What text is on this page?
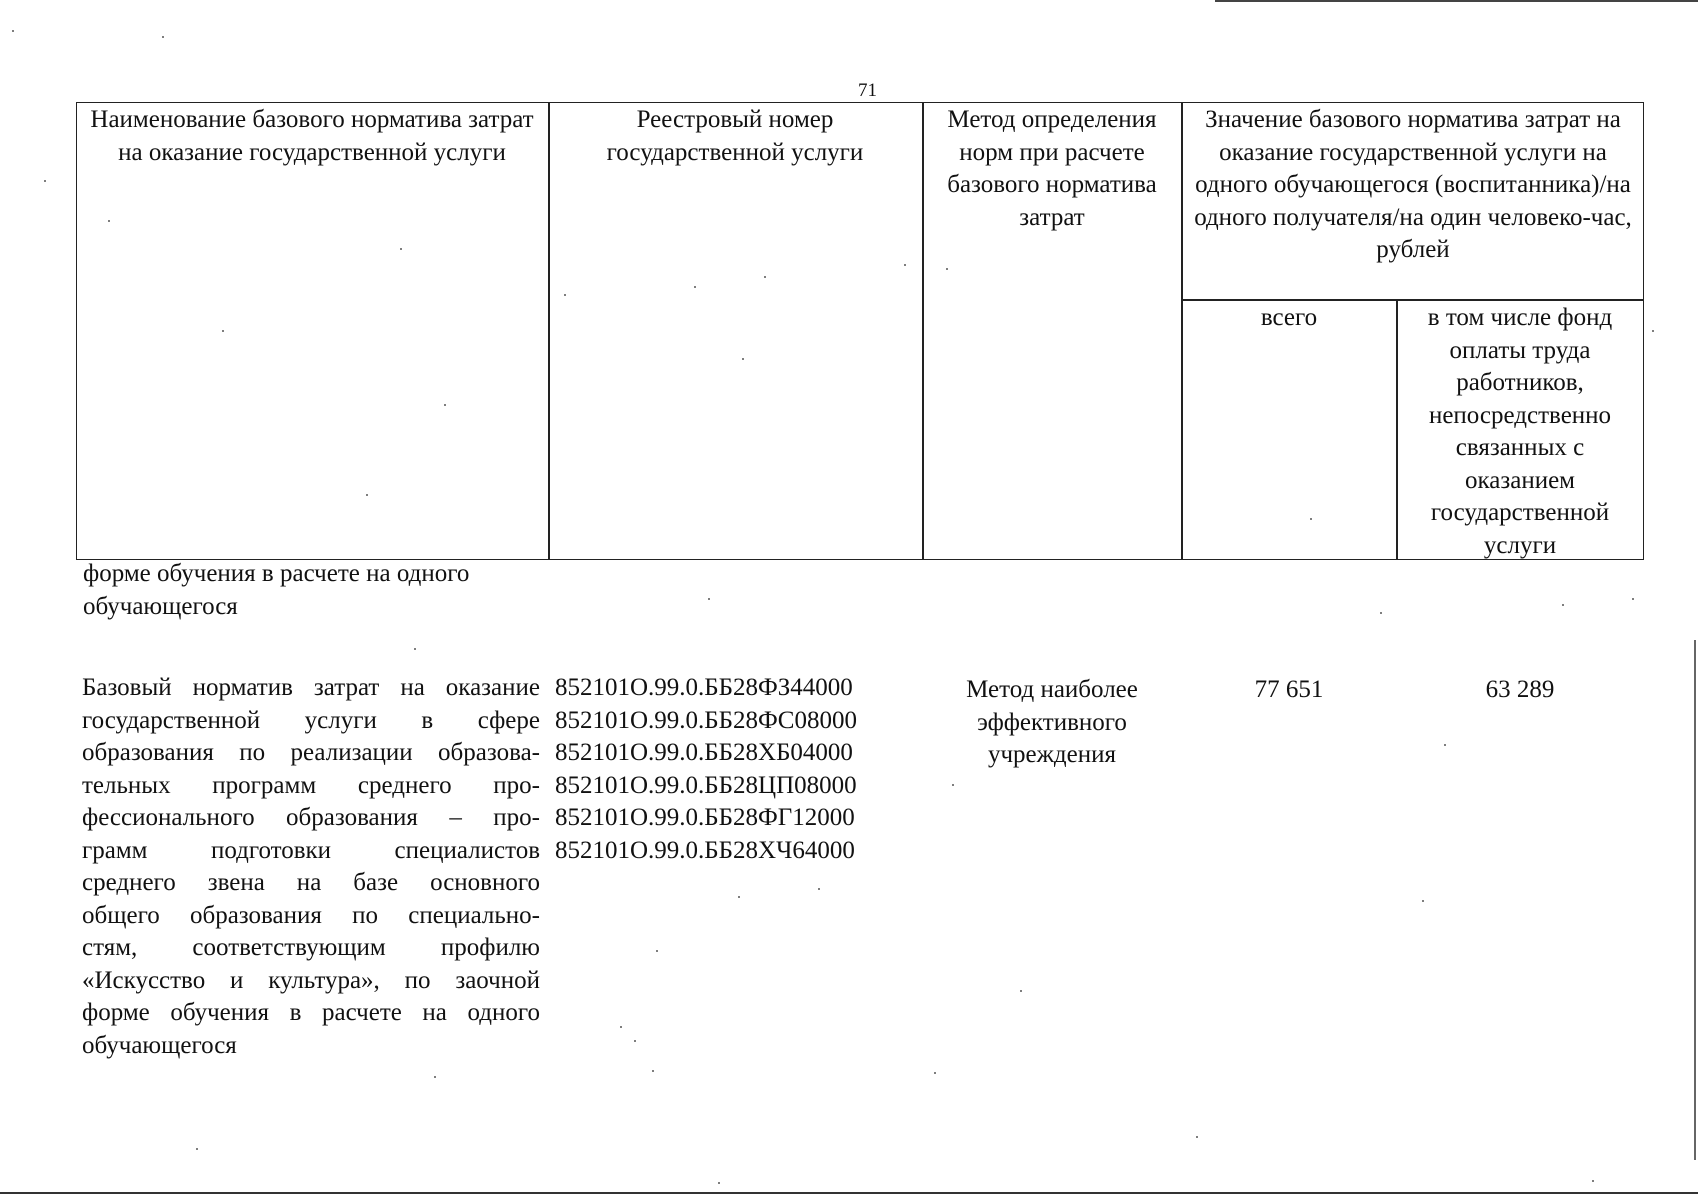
71
Наименование базового норматива затрат на оказание государственной услуги
Реестровый номер государственной услуги
Метод определения норм при расчете базового норматива затрат
Значение базового норматива затрат на оказание государственной услуги на одного обучающегося (воспитанника)/на одного получателя/на один человеко-час, рублей
всего	в том числе фонд оплаты труда работников, непосредственно связанных с оказанием государственной услуги
форме обучения в расчете на одного
обучающегося
Базовый норматив затрат на оказание
государственной услуги в сфере
образования по реализации образова-
тельных программ среднего про-
фессионального образования – про-
грамм подготовки специалистов
среднего звена на базе основного
общего образования по специально-
стям, соответствующим профилю
«Искусство и культура», по заочной
форме обучения в расчете на одного
обучающегося
852101О.99.0.ББ28ФЗ44000
852101О.99.0.ББ28ФС08000
852101О.99.0.ББ28ХБ04000
852101О.99.0.ББ28ЦП08000
852101О.99.0.ББ28ФГ12000
852101О.99.0.ББ28ХЧ64000
Метод наиболее
эффективного
учреждения
77 651	63 289
